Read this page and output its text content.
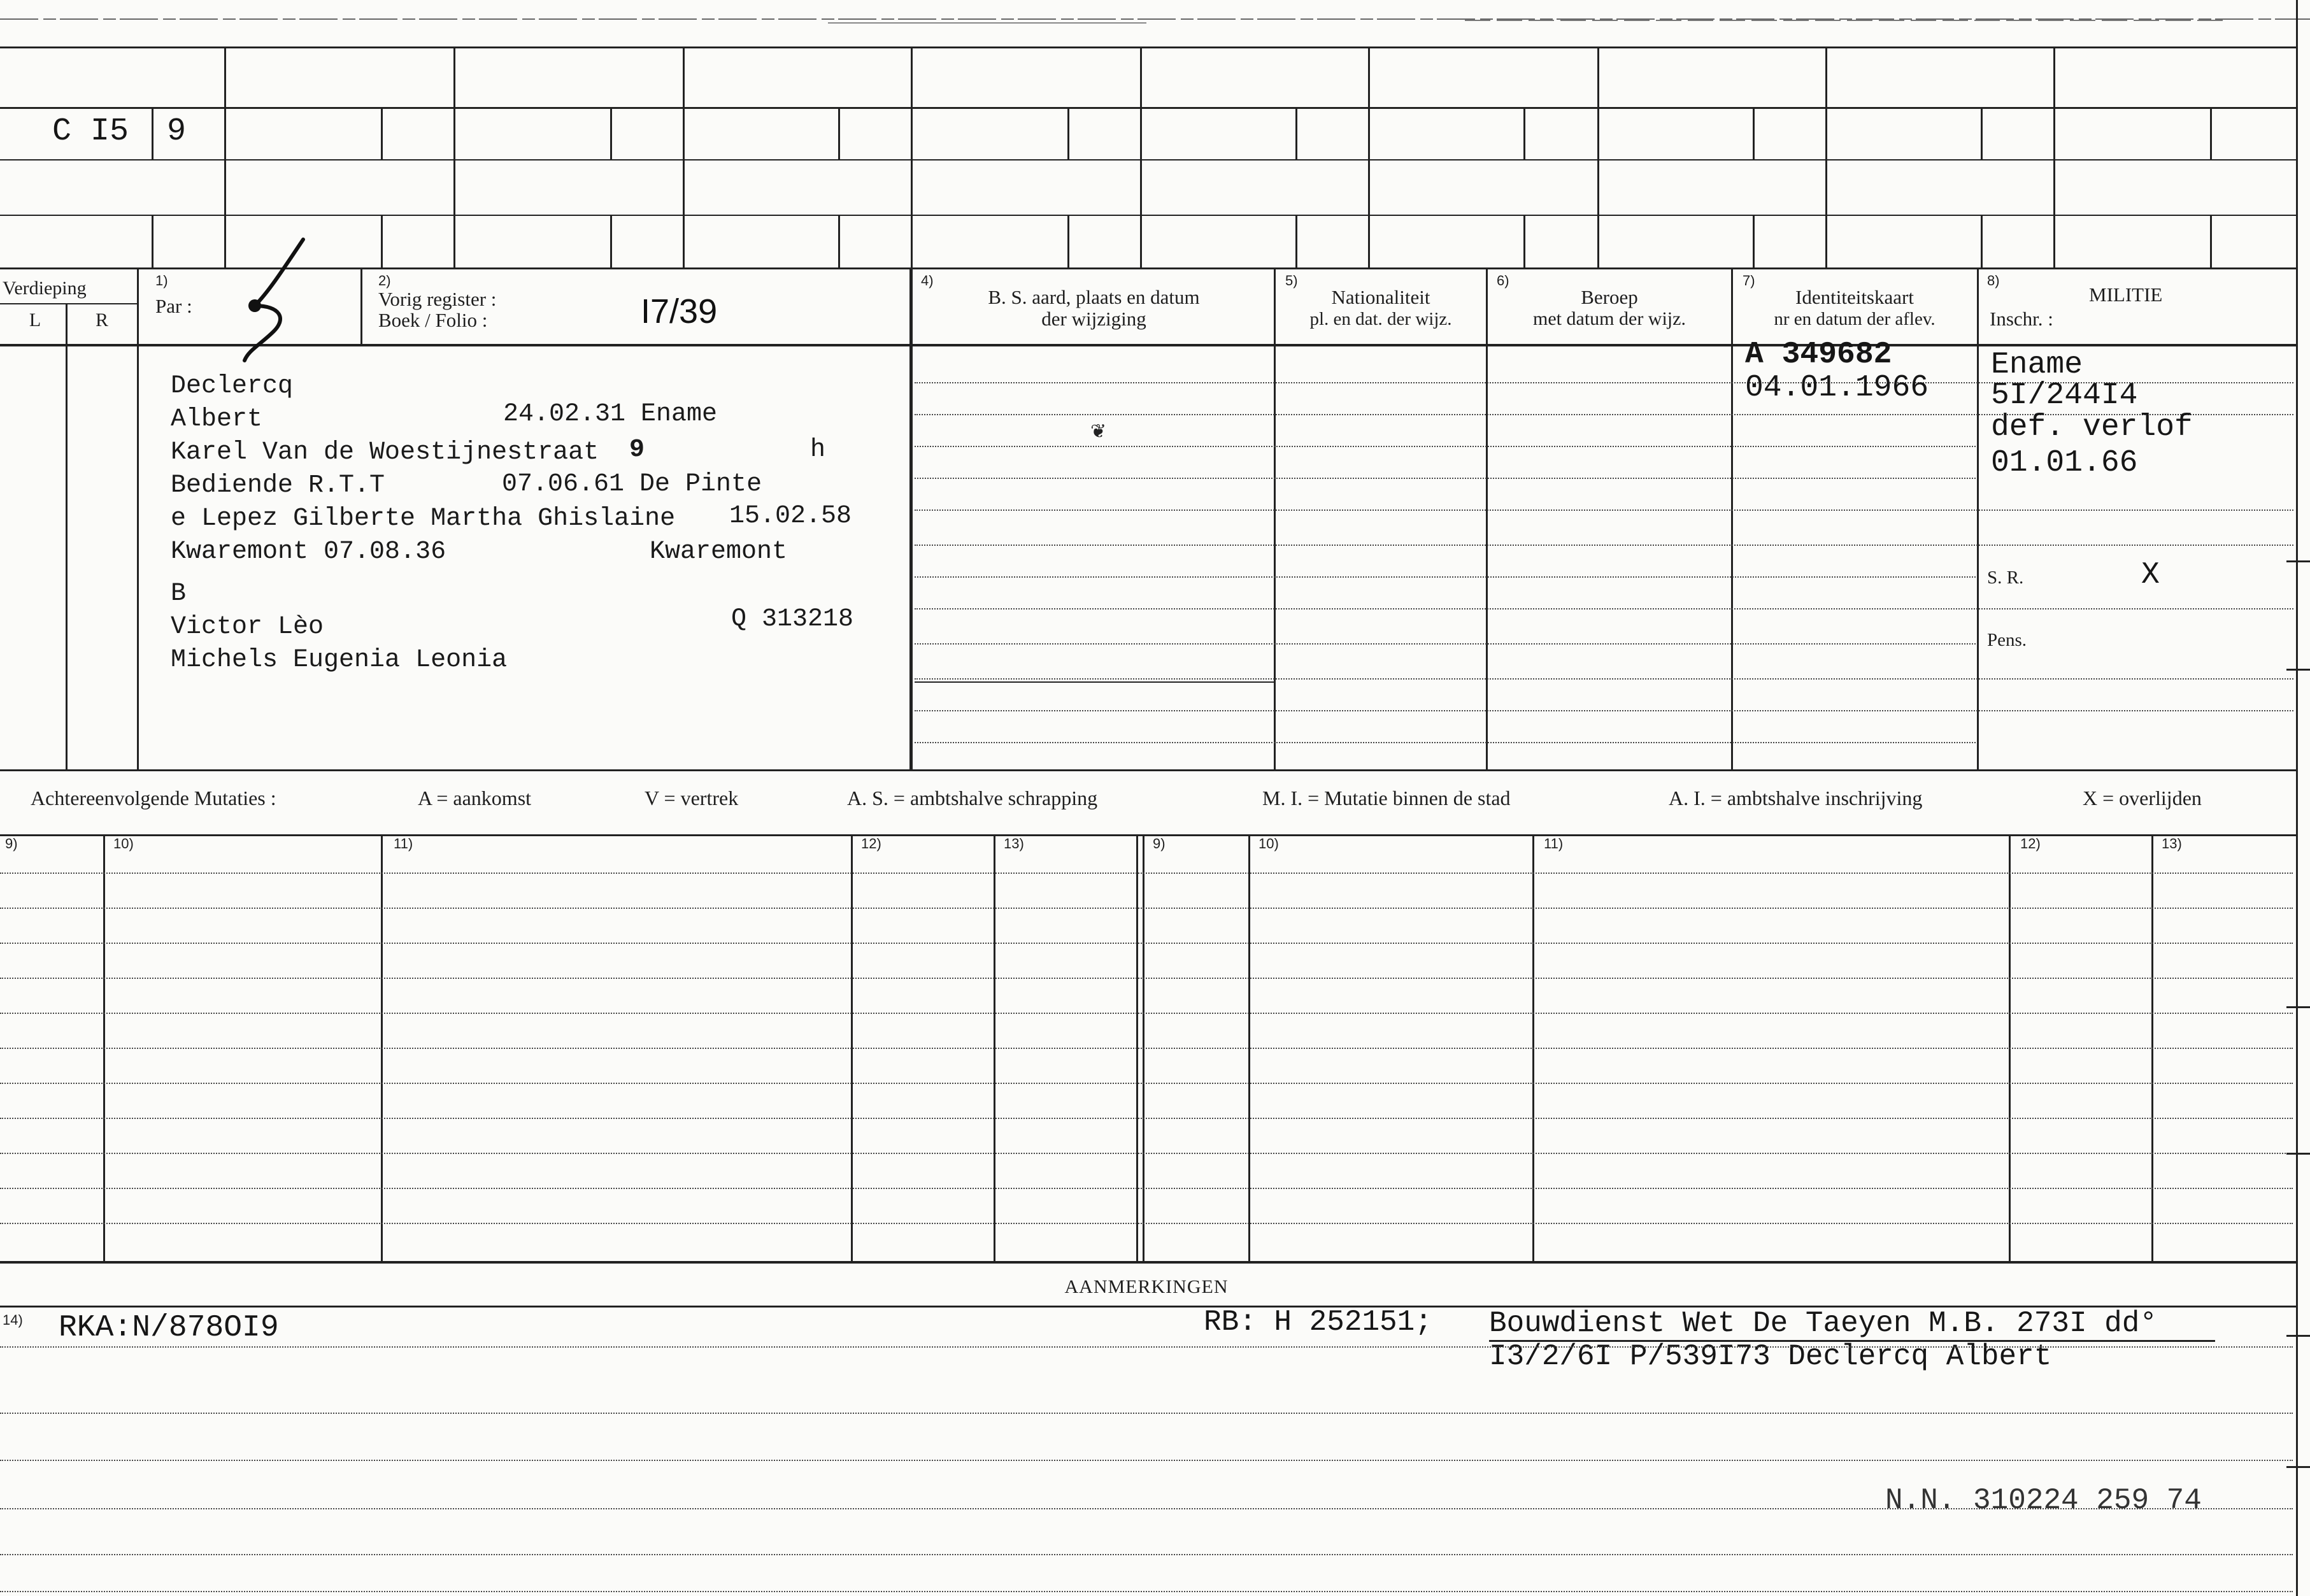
C I5 9
Verdieping
L	R
1)
Par :
2)
Vorig register :
Boek / Folio :	I7/39
4)
B. S. aard, plaats en datum
der wijziging
5)
Nationaliteit
pl. en dat. der wijz.
6)
Beroep
met datum der wijz.
7)
Identiteitskaart
nr en datum der aflev.
8)
MILITIE
Inschr. :
Declercq
Albert	24.02.31 Ename
Karel Van de Woestijnestraat 9	h
Bediende R.T.T	07.06.61 De Pinte
e Lepez Gilberte Martha Ghislaine 15.02.58
Kwaremont 07.08.36	Kwaremont
B
Victor Lèo	Q 313218
Michels Eugenia Leonia
A 349682
04.01.1966
Ename
5I/244I4
def. verlof
01.01.66
S. R.	X
Pens.
❦
Achtereenvolgende Mutaties :	A = aankomst	V = vertrek	A. S. = ambtshalve schrapping	M. I. = Mutatie binnen de stad	A. I. = ambtshalve inschrijving	X = overlijden
9)	10)	11)	12)	13)	9)	10)	11)	12)	13)
AANMERKINGEN
14) RKA:N/878OI9	RB: H 252151; Bouwdienst Wet De Taeyen M.B. 273I dd°
I3/2/6I P/539I73 Declercq Albert
N.N. 310224 259 74
